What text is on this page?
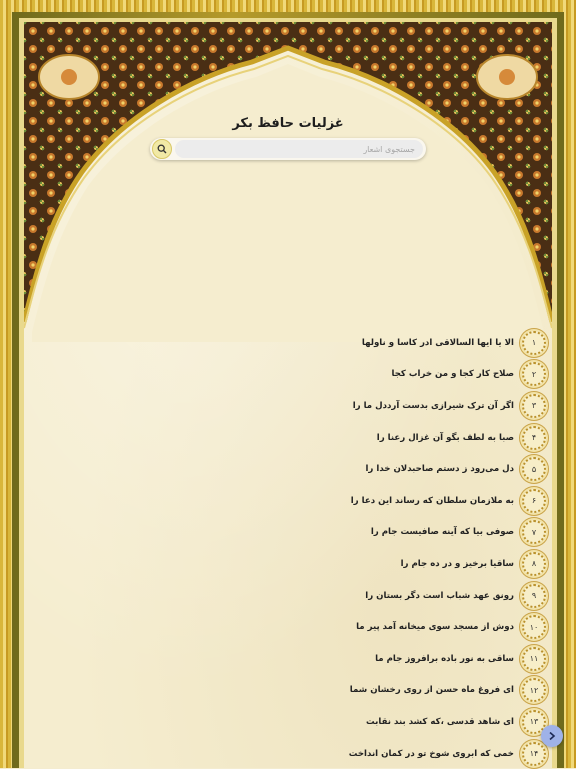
غزلیات حافظ بکر
جستجوی اشعار
۱
الا یا ایها السالاقی ادر کاسا و ناولها
۲
صلاح کار کجا و من خراب کجا
۳
اگر آن ترک شیرازی بدست آرددل ما را
۴
صبا به لطف بگو آن غزال رعنا را
۵
دل می‌رود ز دستم صاحبدلان خدا را
۶
به ملازمان سلطان که رساند این دعا را
۷
صوفی بیا که آینه صافیست جام را
۸
ساقیا برخیز و در ده جام را
۹
رونق عهد شباب است دگر بستان را
۱۰
دوش از مسجد سوی میخانه آمد پیر ما
۱۱
ساقی به نور باده برافروز جام ما
۱۲
ای فروغ ماه حسن از روی رخشان شما
۱۳
ای شاهد قدسی ،که کشد بند نقابت
۱۴
خمی که ابروی شوخ تو در کمان انداخت
